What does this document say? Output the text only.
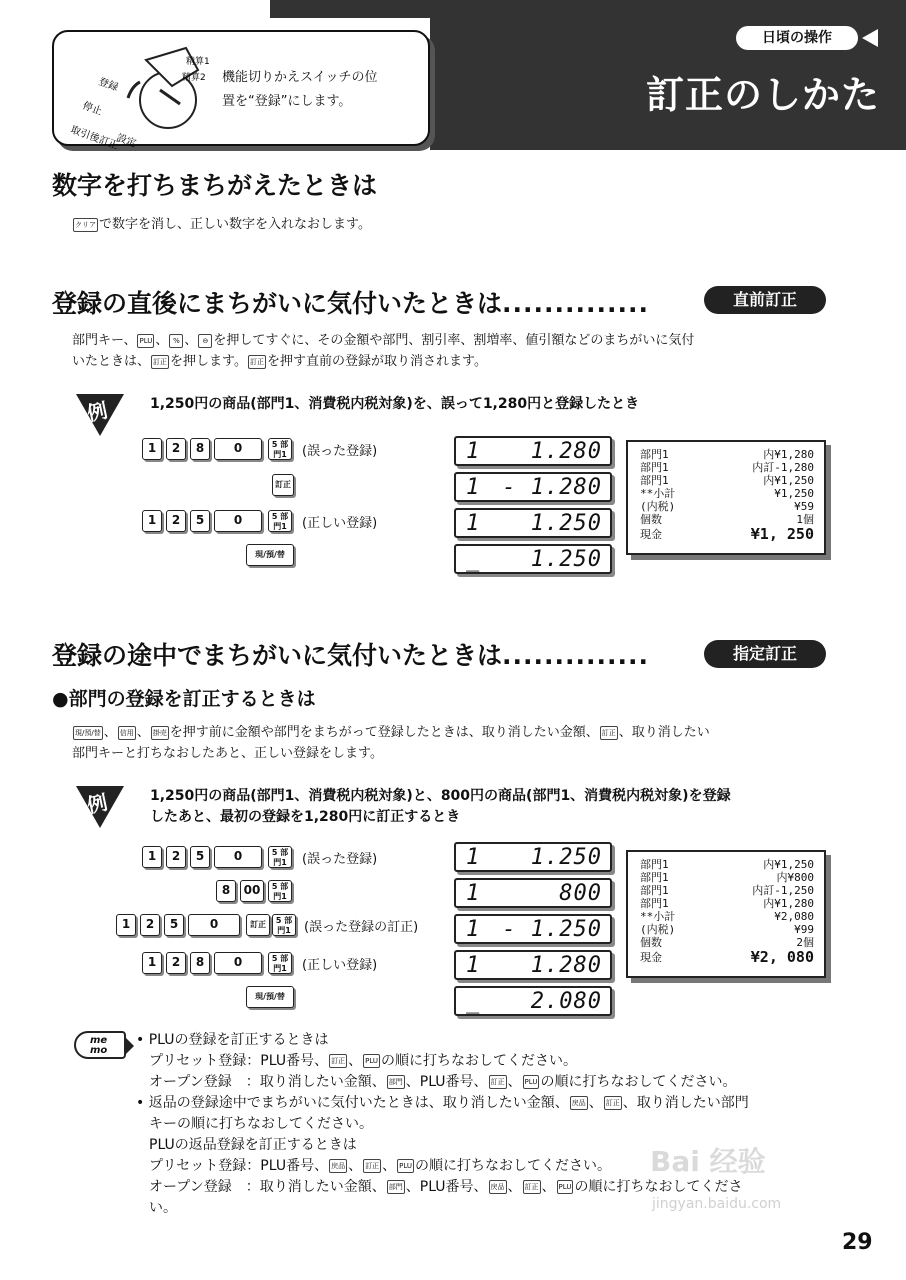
日頃の操作
訂正のしかた
登録
停止
取引後訂正
設定
精算1
精算2 機能切りかえスイッチの位
置を“登録”にします。
数字を打ちまちがえたときは
クリア で数字を消し、正しい数字を入れなおします。
登録の直後にまちがいに気付いたときは..............	直前訂正
部門キー、 PLU 、 % 、 ⊖ を押してすぐに、その金額や部門、割引率、割増率、値引額などのまちがいに気付
いたときは、 訂正 を押します。 訂正 を押す直前の登録が取り消されます。
例	1,250円の商品(部門1、消費税内税対象)を、誤って1,280円と登録したとき
1	2	8	0	5 部門1	(誤った登録)
訂正
1	2	5	0	5 部門1	(正しい登録)
現/預/替
1 1.280
1 - 1.280
1 1.250
_ 1.250
部門1	内¥1,280
部門1	内訂-1,280
部門1	内¥1,250
**小計	¥1,250
(内税)	¥59
個数	1個
現金	¥1, 250
登録の途中でまちがいに気付いたときは..............	指定訂正
●部門の登録を訂正するときは
現/預/替 、 信用 、 掛売 を押す前に金額や部門をまちがって登録したときは、取り消したい金額、 訂正 、取り消したい
部門キーと打ちなおしたあと、正しい登録をします。
例	1,250円の商品(部門1、消費税内税対象)と、800円の商品(部門1、消費税内税対象)を登録
したあと、最初の登録を1,280円に訂正するとき
1	2	5	0	5 部門1	(誤った登録)
8	00	5 部門1
1	2	5	0	訂正	5 部門1	(誤った登録の訂正)
1	2	8	0	5 部門1	(正しい登録)
現/預/替
1 1.250
1	800
1 - 1.250
1 1.280
_ 2.080
部門1	内¥1,250
部門1	内¥800
部門1	内訂-1,250
部門1	内¥1,280
**小計	¥2,080
(内税)	¥99
個数	2個
現金	¥2, 080
me mo
• PLUの登録を訂正するときは
プリセット登録：PLU番号、 訂正 、 PLU の順に打ちなおしてください。
オープン登録　：取り消したい金額、 部門 、PLU番号、 訂正 、 PLU の順に打ちなおしてください。
• 返品の登録途中でまちがいに気付いたときは、取り消したい金額、 戻品 、 訂正 、取り消したい部門
キーの順に打ちなおしてください。
PLUの返品登録を訂正するときは
プリセット登録：PLU番号、 戻品 、 訂正 、 PLU の順に打ちなおしてください。
オープン登録　：取り消したい金額、 部門 、PLU番号、 戻品 、 訂正 、 PLU の順に打ちなおしてくださ
い。
Bai 经验
jingyan.baidu.com
29
